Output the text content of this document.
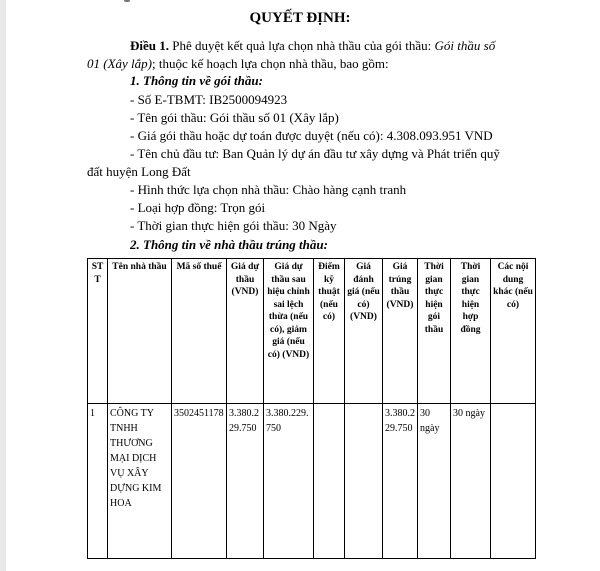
QUYẾT ĐỊNH:
Điều 1. Phê duyệt kết quả lựa chọn nhà thầu của gói thầu: Gói thầu số
01 (Xây lắp); thuộc kế hoạch lựa chọn nhà thầu, bao gồm:
1. Thông tin về gói thầu:
- Số E-TBMT: IB2500094923
- Tên gói thầu: Gói thầu số 01 (Xây lắp)
- Giá gói thầu hoặc dự toán được duyệt (nếu có): 4.308.093.951 VND
- Tên chủ đầu tư: Ban Quản lý dự án đầu tư xây dựng và Phát triển quỹ
đất huyện Long Đất
- Hình thức lựa chọn nhà thầu: Chào hàng cạnh tranh
- Loại hợp đồng: Trọn gói
- Thời gian thực hiện gói thầu: 30 Ngày
2. Thông tin về nhà thầu trúng thầu:
STT	Tên nhà thầu	Mã số thuế	Giá dự thầu (VND)	Giá dự thầu sau hiệu chỉnh sai lệch thừa (nếu có), giảm giá (nếu có) (VND)	Điểm kỹ thuật (nếu có)	Giá đánh giá (nếu có) (VND)	Giá trúng thầu (VND)	Thời gian thực hiện gói thầu	Thời gian thực hiện hợp đồng	Các nội dung khác (nếu có)
1	CÔNG TY TNHH THƯƠNG MẠI DỊCH VỤ XÂY DỰNG KIM HOA	3502451178	3.380.229.750	3.380.229.750			3.380.229.750	30 ngày	30 ngày	
